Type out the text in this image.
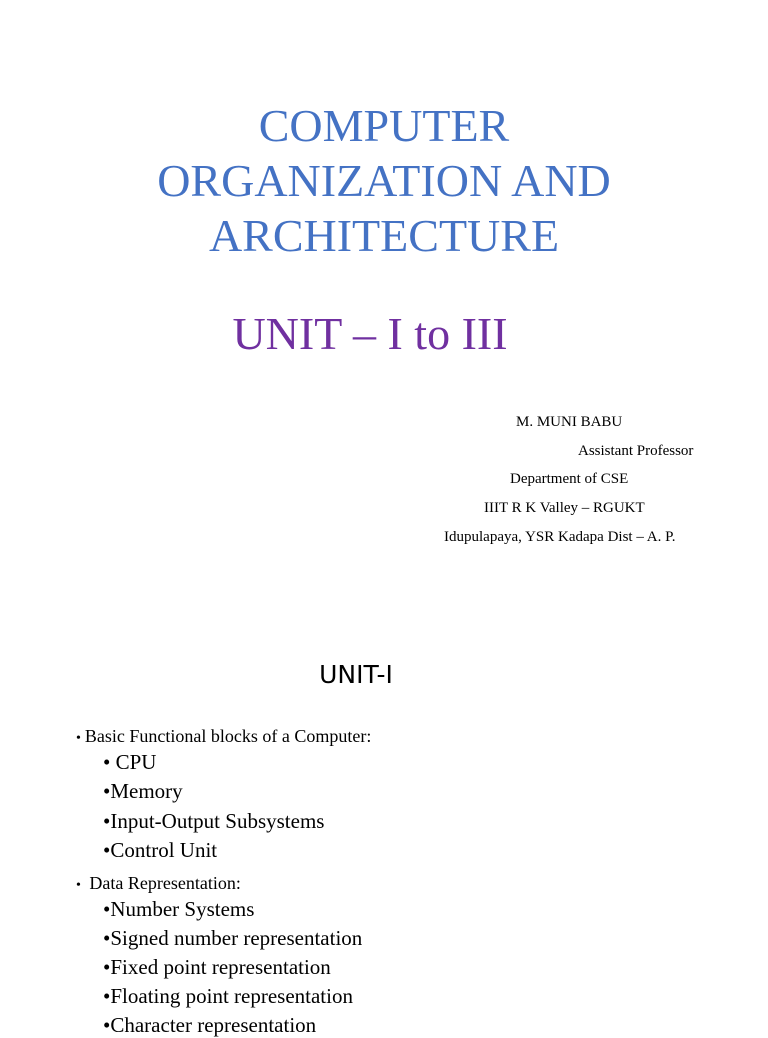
COMPUTER
ORGANIZATION AND
ARCHITECTURE
UNIT – I to III
M. MUNI BABU
Assistant Professor
Department of CSE
IIIT R K Valley – RGUKT
Idupulapaya, YSR Kadapa Dist – A. P.
UNIT-I
• Basic Functional blocks of a Computer:
• CPU
•Memory
•Input-Output Subsystems
•Control Unit
• Data Representation:
•Number Systems
•Signed number representation
•Fixed point representation
•Floating point representation
•Character representation
